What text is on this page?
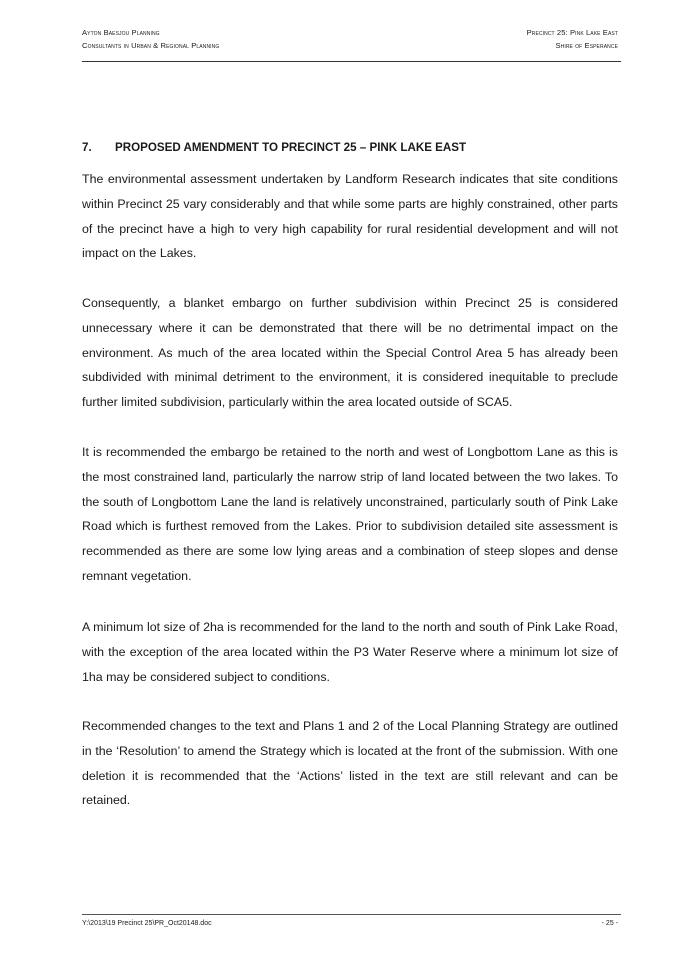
Ayton Baesjou Planning
Consultants in Urban & Regional Planning
Precinct 25: Pink Lake East
Shire of Esperance
7.	PROPOSED AMENDMENT TO PRECINCT 25 – PINK LAKE EAST

The environmental assessment undertaken by Landform Research indicates that site conditions within Precinct 25 vary considerably and that while some parts are highly constrained, other parts of the precinct have a high to very high capability for rural residential development and will not impact on the Lakes.

Consequently, a blanket embargo on further subdivision within Precinct 25 is considered unnecessary where it can be demonstrated that there will be no detrimental impact on the environment. As much of the area located within the Special Control Area 5 has already been subdivided with minimal detriment to the environment, it is considered inequitable to preclude further limited subdivision, particularly within the area located outside of SCA5.

It is recommended the embargo be retained to the north and west of Longbottom Lane as this is the most constrained land, particularly the narrow strip of land located between the two lakes. To the south of Longbottom Lane the land is relatively unconstrained, particularly south of Pink Lake Road which is furthest removed from the Lakes. Prior to subdivision detailed site assessment is recommended as there are some low lying areas and a combination of steep slopes and dense remnant vegetation.

A minimum lot size of 2ha is recommended for the land to the north and south of Pink Lake Road, with the exception of the area located within the P3 Water Reserve where a minimum lot size of 1ha may be considered subject to conditions.

Recommended changes to the text and Plans 1 and 2 of the Local Planning Strategy are outlined in the ‘Resolution’ to amend the Strategy which is located at the front of the submission. With one deletion it is recommended that the ‘Actions’ listed in the text are still relevant and can be retained.

Y:\2013\19 Precinct 25\PR_Oct20148.doc	- 25 -
